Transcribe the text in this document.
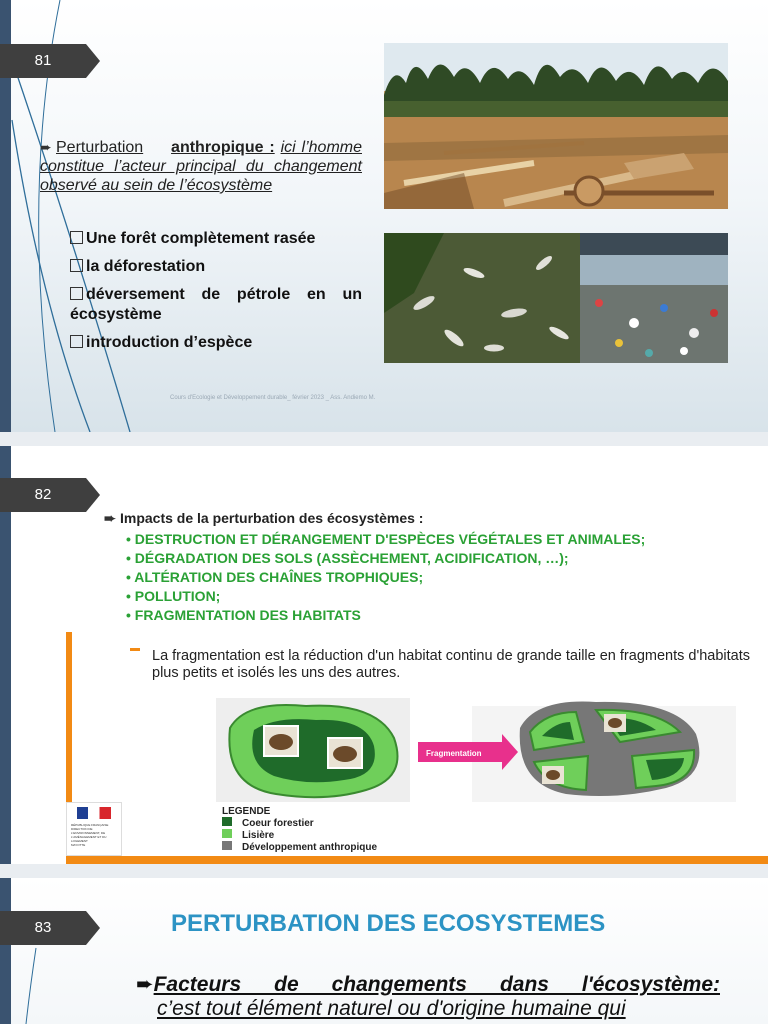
81
➨ Perturbation anthropique : ici l’homme constitue l’acteur principal du changement observé au sein de l’écosystème
Une forêt complètement rasée
la déforestation
déversement de pétrole en un écosystème
introduction d’espèce
Cours d'Ecologie et Développement durable_ février 2023 _ Ass. Andiemo M.
82
➨ Impacts de la perturbation des écosystèmes :
• DESTRUCTION ET DÉRANGEMENT D'ESPÈCES VÉGÉTALES ET ANIMALES;
• DÉGRADATION DES SOLS (ASSÈCHEMENT, ACIDIFICATION, …);
• ALTÉRATION DES CHAÎNES TROPHIQUES;
• POLLUTION;
• FRAGMENTATION DES HABITATS
La fragmentation est la réduction d'un habitat continu de grande taille en fragments d'habitats plus petits et isolés les uns des autres.
Fragmentation
LEGENDE
Coeur forestier
Lisière
Développement anthropique
RÉPUBLIQUE FRANÇAISE
DIRECTION DE L'ENVIRONNEMENT, DE L'AMÉNAGEMENT ET DU LOGEMENT
MAYOTTE
83	PERTURBATION DES ECOSYSTEMES
➨Facteurs de changements dans l'écosystème:
c’est tout élément naturel ou d'origine humaine qui
